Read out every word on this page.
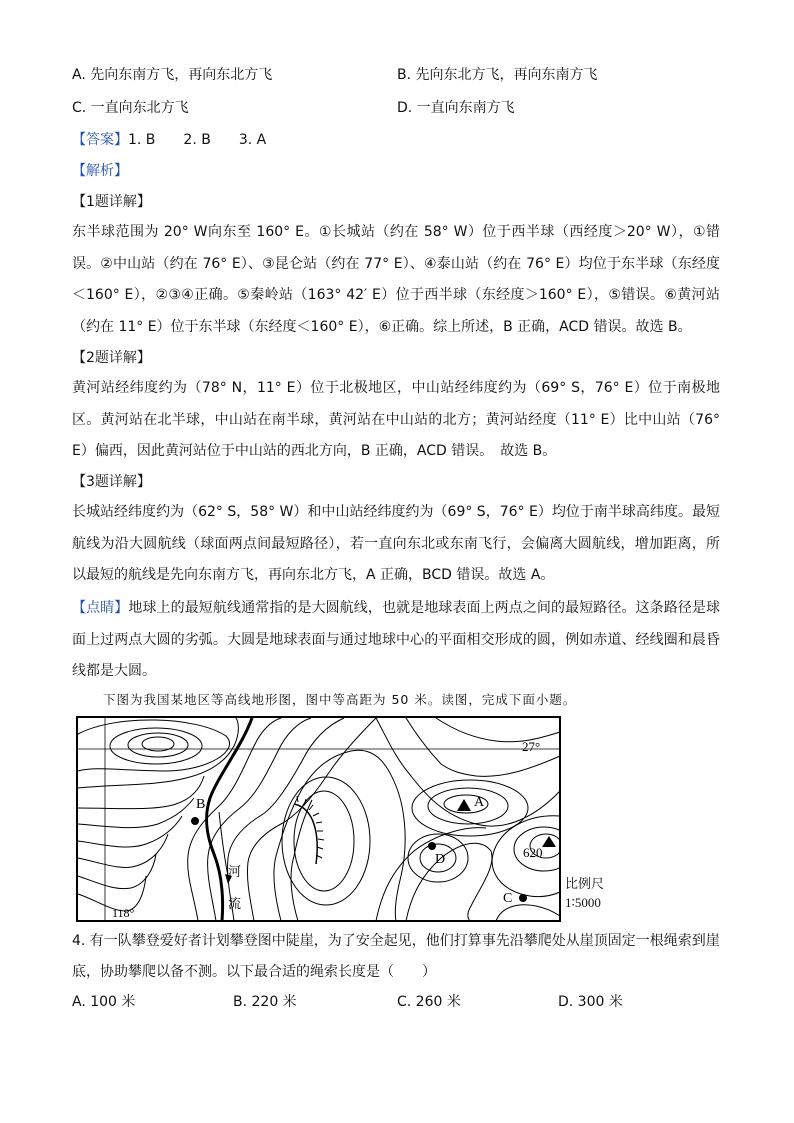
A. 先向东南方飞，再向东北方飞	B. 先向东北方飞，再向东南方飞
C. 一直向东北方飞	D. 一直向东南方飞
【答案】1. B　　2. B　　3. A
【解析】
【1题详解】
东半球范围为 20° W向东至 160° E。①长城站（约在 58° W）位于西半球（西经度＞20° W），①错误。②中山站（约在 76° E）、③昆仑站（约在 77° E）、④泰山站（约在 76° E）均位于东半球（东经度＜160° E），②③④正确。⑤秦岭站（163° 42′ E）位于西半球（东经度＞160° E），⑤错误。⑥黄河站（约在 11° E）位于东半球（东经度＜160° E），⑥正确。综上所述，B 正确，ACD 错误。故选 B。
【2题详解】
黄河站经纬度约为（78° N，11° E）位于北极地区，中山站经纬度约为（69° S，76° E）位于南极地区。黄河站在北半球，中山站在南半球，黄河站在中山站的北方；黄河站经度（11° E）比中山站（76° E）偏西，因此黄河站位于中山站的西北方向，B 正确，ACD 错误。　故选 B。
【3题详解】
长城站经纬度约为（62° S，58° W）和中山站经纬度约为（69° S，76° E）均位于南半球高纬度。最短航线为沿大圆航线（球面两点间最短路径），若一直向东北或东南飞行，会偏离大圆航线，增加距离，所以最短的航线是先向东南方飞，再向东北方飞，A 正确，BCD 错误。故选 A。
【点睛】地球上的最短航线通常指的是大圆航线，也就是地球表面上两点之间的最短路径。这条路径是球面上过两点大圆的劣弧。大圆是地球表面与通过地球中心的平面相交形成的圆，例如赤道、经线圈和晨昏线都是大圆。
下图为我国某地区等高线地形图，图中等高距为 50 米。读图，完成下面小题。
27°
118°
A
B
C
D	620
河
流
比例尺
1∶5000
4. 有一队攀登爱好者计划攀登图中陡崖，为了安全起见，他们打算事先沿攀爬处从崖顶固定一根绳索到崖底，协助攀爬以备不测。以下最合适的绳索长度是（　　）
A. 100 米	B. 220 米	C. 260 米	D. 300 米
